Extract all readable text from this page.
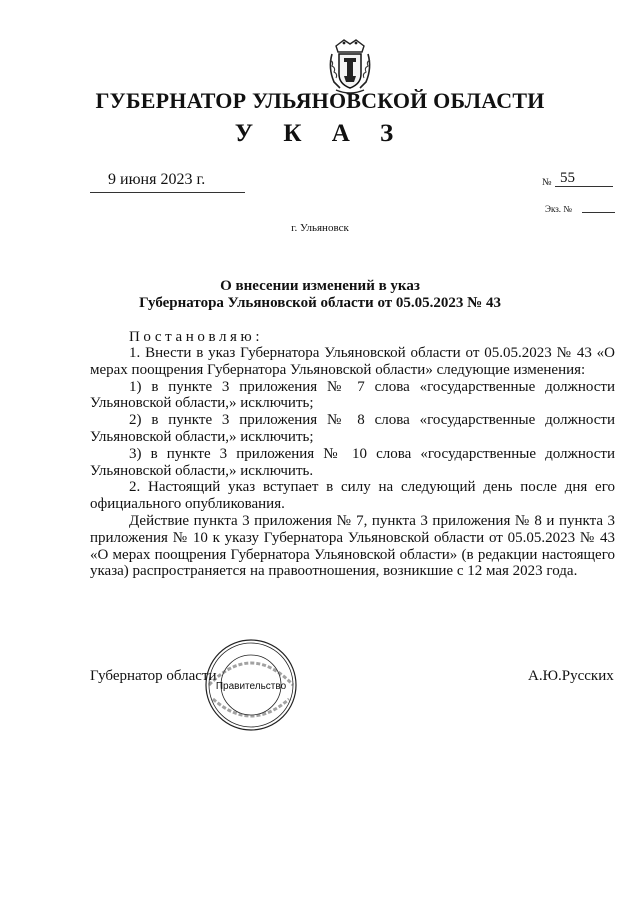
ГУБЕРНАТОР УЛЬЯНОВСКОЙ ОБЛАСТИ
У К А З
9 июня 2023 г.	№ 55
Экз. №
г. Ульяновск
О внесении изменений в указ
Губернатора Ульяновской области от 05.05.2023 № 43
Постановляю:

1. Внести в указ Губернатора Ульяновской области от 05.05.2023 № 43 «О мерах поощрения Губернатора Ульяновской области» следующие изменения:

1) в пункте 3 приложения № 7 слова «государственные должности Ульяновской области,» исключить;

2) в пункте 3 приложения № 8 слова «государственные должности Ульяновской области,» исключить;

3) в пункте 3 приложения № 10 слова «государственные должности Ульяновской области,» исключить.

2. Настоящий указ вступает в силу на следующий день после дня его официального опубликования.

Действие пункта 3 приложения № 7, пункта 3 приложения № 8 и пункта 3 приложения № 10 к указу Губернатора Ульяновской области от 05.05.2023 № 43 «О мерах поощрения Губернатора Ульяновской области» (в редакции настоящего указа) распространяется на правоотношения, возникшие с 12 мая 2023 года.

Губернатор области	А.Ю.Русских
Правительство
